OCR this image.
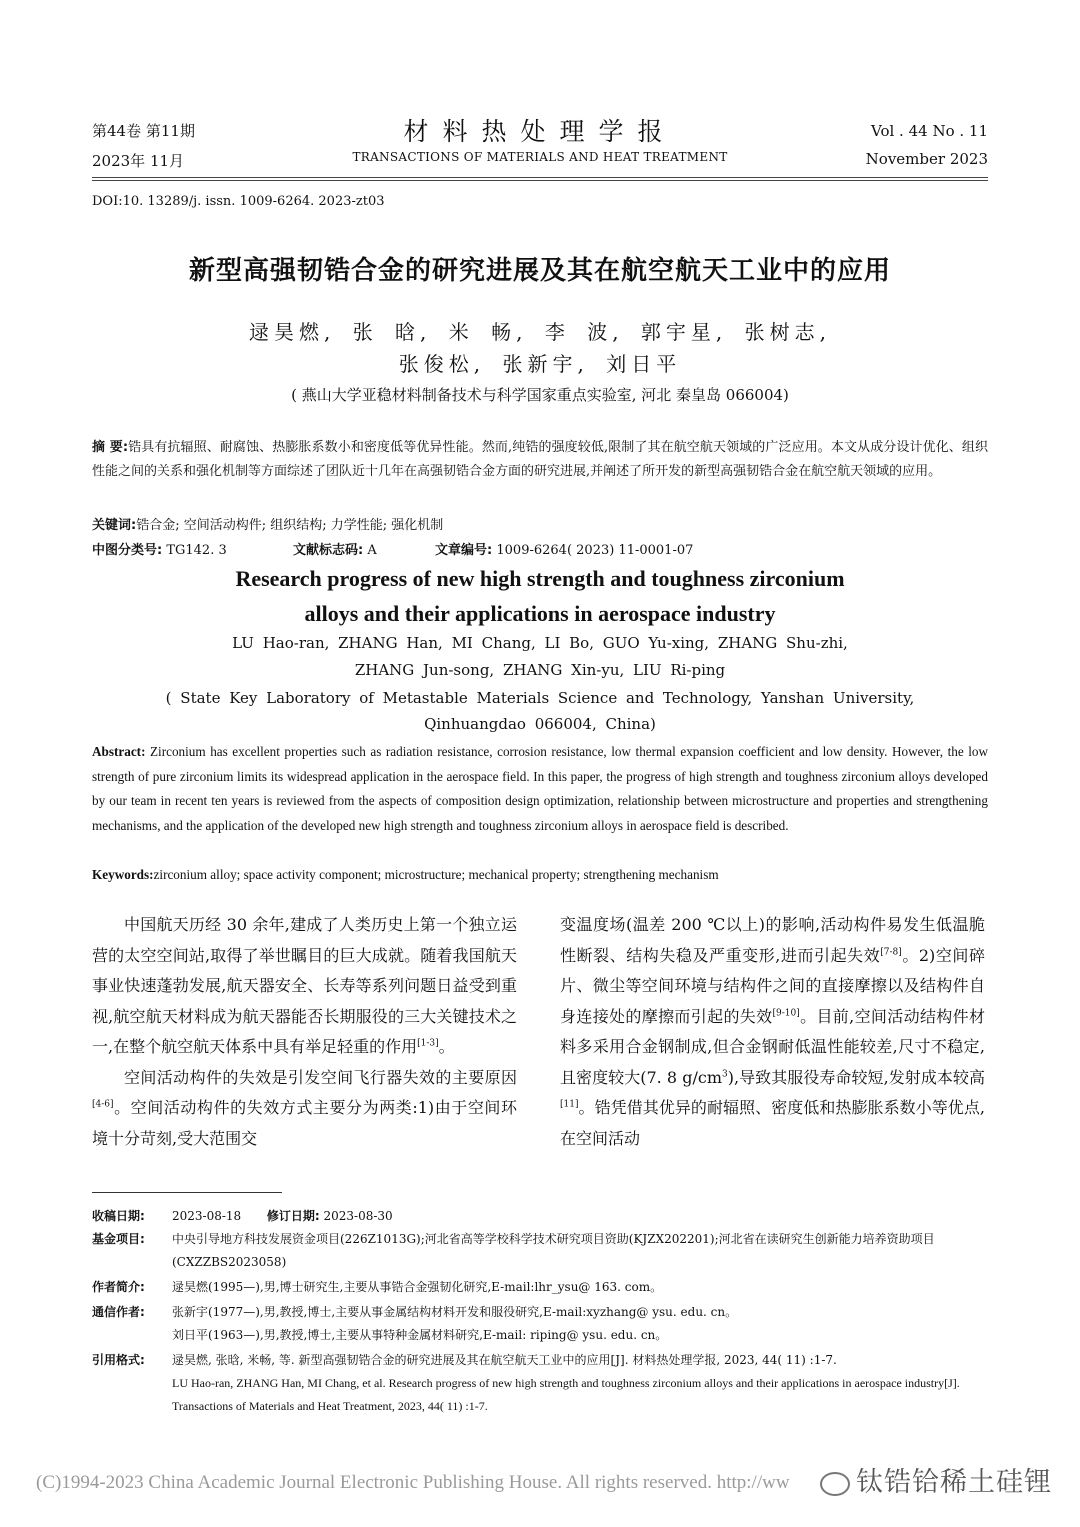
第44卷 第11期
2023年 11月
材料热处理学报
TRANSACTIONS OF MATERIALS AND HEAT TREATMENT
Vol . 44 No . 11
November 2023
DOI:10. 13289/j. issn. 1009-6264. 2023-zt03
新型高强韧锆合金的研究进展及其在航空航天工业中的应用
逯昊燃, 张 晗, 米 畅, 李 波, 郭宇星, 张树志,
张俊松, 张新宇, 刘日平
( 燕山大学亚稳材料制备技术与科学国家重点实验室, 河北 秦皇岛 066004)
摘 要:锆具有抗辐照、耐腐蚀、热膨胀系数小和密度低等优异性能。然而,纯锆的强度较低,限制了其在航空航天领域的广泛应用。本文从成分设计优化、组织性能之间的关系和强化机制等方面综述了团队近十几年在高强韧锆合金方面的研究进展,并阐述了所开发的新型高强韧锆合金在航空航天领域的应用。
关键词:锆合金; 空间活动构件; 组织结构; 力学性能; 强化机制
中图分类号: TG142. 3	文献标志码: A	文章编号: 1009-6264( 2023) 11-0001-07
Research progress of new high strength and toughness zirconium
alloys and their applications in aerospace industry
LU Hao-ran, ZHANG Han, MI Chang, LI Bo, GUO Yu-xing, ZHANG Shu-zhi,
ZHANG Jun-song, ZHANG Xin-yu, LIU Ri-ping
( State Key Laboratory of Metastable Materials Science and Technology, Yanshan University,
Qinhuangdao 066004, China)
Abstract: Zirconium has excellent properties such as radiation resistance, corrosion resistance, low thermal expansion coefficient and low density. However, the low strength of pure zirconium limits its widespread application in the aerospace field. In this paper, the progress of high strength and toughness zirconium alloys developed by our team in recent ten years is reviewed from the aspects of composition design optimization, relationship between microstructure and properties and strengthening mechanisms, and the application of the developed new high strength and toughness zirconium alloys in aerospace field is described.
Keywords:zirconium alloy; space activity component; microstructure; mechanical property; strengthening mechanism

中国航天历经 30 余年,建成了人类历史上第一个独立运营的太空空间站,取得了举世瞩目的巨大成就。随着我国航天事业快速蓬勃发展,航天器安全、长寿等系列问题日益受到重视,航空航天材料成为航天器能否长期服役的三大关键技术之一,在整个航空航天体系中具有举足轻重的作用[1-3]。

空间活动构件的失效是引发空间飞行器失效的主要原因[4-6]。空间活动构件的失效方式主要分为两类:1)由于空间环境十分苛刻,受大范围交

变温度场(温差 200 ℃以上)的影响,活动构件易发生低温脆性断裂、结构失稳及严重变形,进而引起失效[7-8]。2)空间碎片、微尘等空间环境与结构件之间的直接摩擦以及结构件自身连接处的摩擦而引起的失效[9-10]。目前,空间活动结构件材料多采用合金钢制成,但合金钢耐低温性能较差,尺寸不稳定,且密度较大(7. 8 $g/cm^3$),导致其服役寿命较短,发射成本较高[11]。锆凭借其优异的耐辐照、密度低和热膨胀系数小等优点,在空间活动

收稿日期:	2023-08-18 修订日期: 2023-08-30
基金项目:	中央引导地方科技发展资金项目(226Z1013G);河北省高等学校科学技术研究项目资助(KJZX202201);河北省在读研究生创新能力培养资助项目(CXZZBS2023058)
作者简介:	逯昊燃(1995—),男,博士研究生,主要从事锆合金强韧化研究,E-mail:lhr_ysu@ 163. com。
通信作者:	张新宇(1977—),男,教授,博士,主要从事金属结构材料开发和服役研究,E-mail:xyzhang@ ysu. edu. cn。
刘日平(1963—),男,教授,博士,主要从事特种金属材料研究,E-mail: riping@ ysu. edu. cn。
引用格式:	逯昊燃, 张晗, 米畅, 等. 新型高强韧锆合金的研究进展及其在航空航天工业中的应用[J]. 材料热处理学报, 2023, 44( 11) :1-7.
LU Hao-ran, ZHANG Han, MI Chang, et al. Research progress of new high strength and toughness zirconium alloys and their applications in aerospace industry[J]. Transactions of Materials and Heat Treatment, 2023, 44( 11) :1-7.
(C)1994-2023 China Academic Journal Electronic Publishing House. All rights reserved. http://ww	钛锆铪稀土硅锂
